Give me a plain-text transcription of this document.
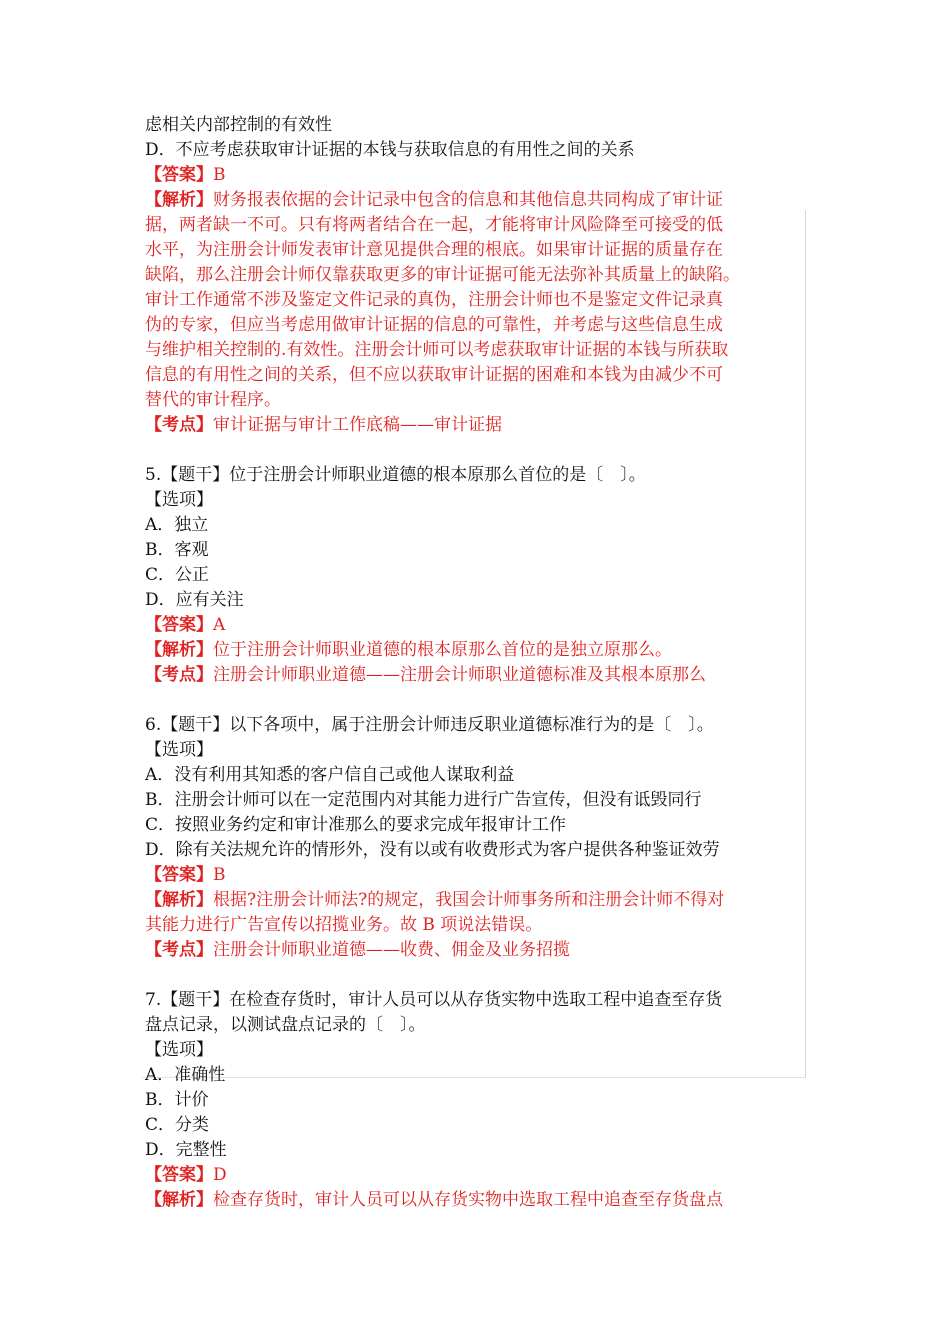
虑相关内部控制的有效性
D．不应考虑获取审计证据的本钱与获取信息的有用性之间的关系
【答案】B
【解析】财务报表依据的会计记录中包含的信息和其他信息共同构成了审计证
据，两者缺一不可。只有将两者结合在一起，才能将审计风险降至可接受的低
水平，为注册会计师发表审计意见提供合理的根底。如果审计证据的质量存在
缺陷，那么注册会计师仅靠获取更多的审计证据可能无法弥补其质量上的缺陷。
审计工作通常不涉及鉴定文件记录的真伪，注册会计师也不是鉴定文件记录真
伪的专家，但应当考虑用做审计证据的信息的可靠性，并考虑与这些信息生成
与维护相关控制的.有效性。注册会计师可以考虑获取审计证据的本钱与所获取
信息的有用性之间的关系，但不应以获取审计证据的困难和本钱为由减少不可
替代的审计程序。
【考点】审计证据与审计工作底稿——审计证据
5.【题干】位于注册会计师职业道德的根本原那么首位的是〔　〕。
【选项】
A．独立
B．客观
C．公正
D．应有关注
【答案】A
【解析】位于注册会计师职业道德的根本原那么首位的是独立原那么。
【考点】注册会计师职业道德——注册会计师职业道德标准及其根本原那么
6.【题干】以下各项中，属于注册会计师违反职业道德标准行为的是〔　〕。
【选项】
A．没有利用其知悉的客户信自己或他人谋取利益
B．注册会计师可以在一定范围内对其能力进行广告宣传，但没有诋毁同行
C．按照业务约定和审计准那么的要求完成年报审计工作
D．除有关法规允许的情形外，没有以或有收费形式为客户提供各种鉴证效劳
【答案】B
【解析】根据?注册会计师法?的规定，我国会计师事务所和注册会计师不得对
其能力进行广告宣传以招揽业务。故 B 项说法错误。
【考点】注册会计师职业道德——收费、佣金及业务招揽
7.【题干】在检查存货时，审计人员可以从存货实物中选取工程中追查至存货
盘点记录，以测试盘点记录的〔　〕。
【选项】
A．准确性
B．计价
C．分类
D．完整性
【答案】D
【解析】检查存货时，审计人员可以从存货实物中选取工程中追查至存货盘点
